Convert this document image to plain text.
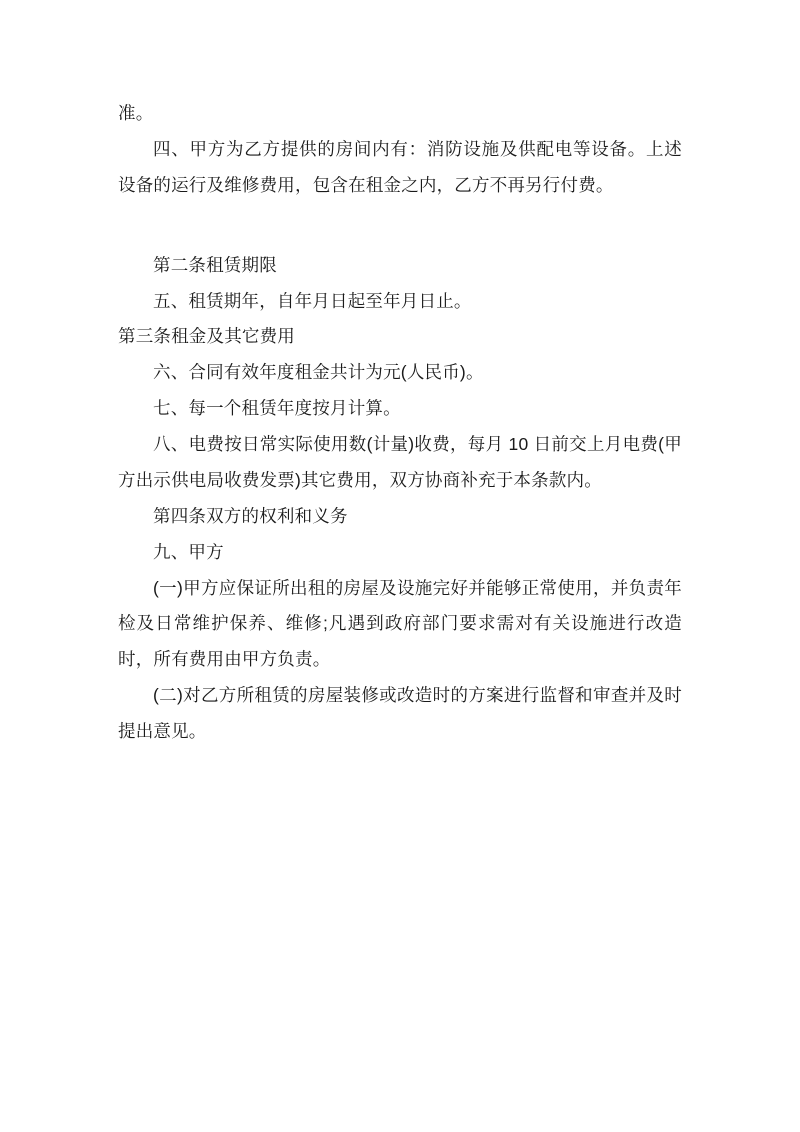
准。

四、甲方为乙方提供的房间内有：消防设施及供配电等设备。上述设备的运行及维修费用，包含在租金之内，乙方不再另行付费。

第二条租赁期限

五、租赁期年，自年月日起至年月日止。

第三条租金及其它费用

六、合同有效年度租金共计为元(人民币)。

七、每一个租赁年度按月计算。

八、电费按日常实际使用数(计量)收费，每月 10 日前交上月电费(甲方出示供电局收费发票)其它费用，双方协商补充于本条款内。

第四条双方的权利和义务

九、甲方

(一)甲方应保证所出租的房屋及设施完好并能够正常使用，并负责年检及日常维护保养、维修;凡遇到政府部门要求需对有关设施进行改造时，所有费用由甲方负责。

(二)对乙方所租赁的房屋装修或改造时的方案进行监督和审查并及时提出意见。
